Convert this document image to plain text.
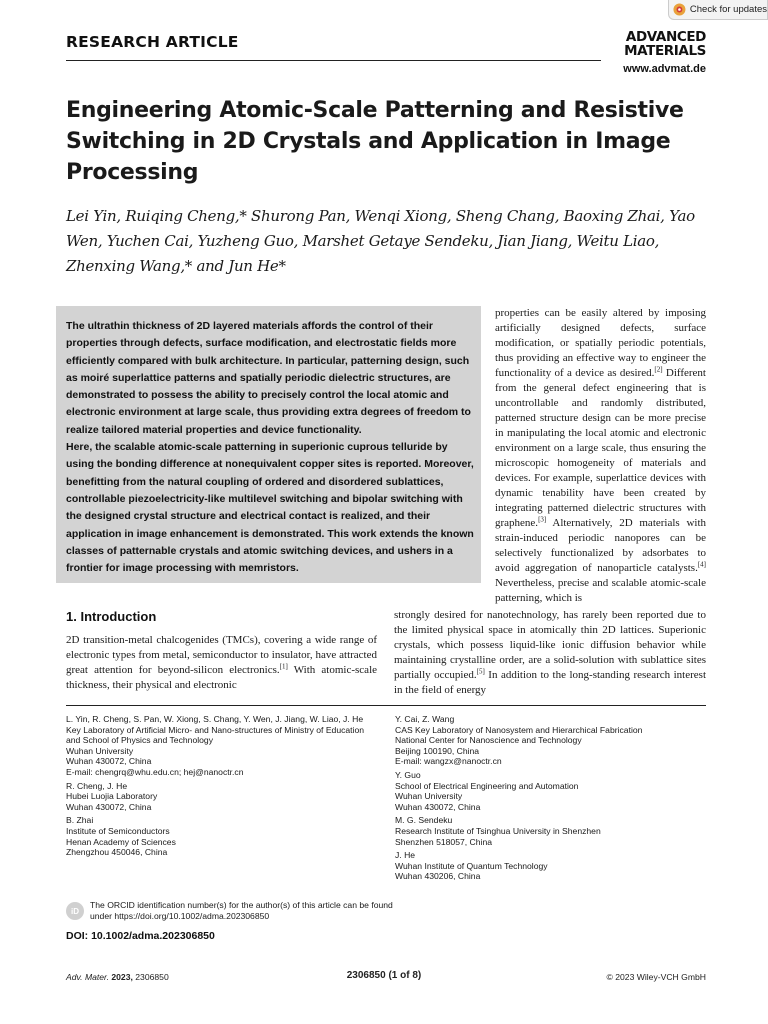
Check for updates
RESEARCH ARTICLE	ADVANCED
MATERIALS
www.advmat.de
Engineering Atomic-Scale Patterning and Resistive Switching in 2D Crystals and Application in Image Processing
Lei Yin, Ruiqing Cheng,* Shurong Pan, Wenqi Xiong, Sheng Chang, Baoxing Zhai, Yao Wen, Yuchen Cai, Yuzheng Guo, Marshet Getaye Sendeku, Jian Jiang, Weitu Liao, Zhenxing Wang,* and Jun He*

The ultrathin thickness of 2D layered materials affords the control of their properties through defects, surface modification, and electrostatic fields more efficiently compared with bulk architecture. In particular, patterning design, such as moiré superlattice patterns and spatially periodic dielectric structures, are demonstrated to possess the ability to precisely control the local atomic and electronic environment at large scale, thus providing extra degrees of freedom to realize tailored material properties and device functionality.

Here, the scalable atomic-scale patterning in superionic cuprous telluride by using the bonding difference at nonequivalent copper sites is reported. Moreover, benefitting from the natural coupling of ordered and disordered sublattices, controllable piezoelectricity-like multilevel switching and bipolar switching with the designed crystal structure and electrical contact is realized, and their application in image enhancement is demonstrated. This work extends the known classes of patternable crystals and atomic switching devices, and ushers in a frontier for image processing with memristors.

properties can be easily altered by imposing artificially designed defects, surface modification, or spatially periodic potentials, thus providing an effective way to engineer the functionality of a device as desired.[2] Different from the general defect engineering that is uncontrollable and randomly distributed, patterned structure design can be more precise in manipulating the local atomic and electronic environment on a large scale, thus ensuring the microscopic homogeneity of materials and devices. For example, superlattice devices with dynamic tenability have been created by integrating patterned dielectric structures with graphene.[3] Alternatively, 2D materials with strain-induced periodic nanopores can be selectively functionalized by adsorbates to avoid aggregation of nanoparticle catalysts.[4] Nevertheless, precise and scalable atomic-scale patterning, which is
strongly desired for nanotechnology, has rarely been reported due to the limited physical space in atomically thin 2D lattices. Superionic crystals, which possess liquid-like ionic diffusion behavior while maintaining crystalline order, are a solid-solution with sublattice sites partially occupied.[5] In addition to the long-standing research interest in the field of energy
1. Introduction
2D transition-metal chalcogenides (TMCs), covering a wide range of electronic types from metal, semiconductor to insulator, have attracted great attention for beyond-silicon electronics.[1] With atomic-scale thickness, their physical and electronic
L. Yin, R. Cheng, S. Pan, W. Xiong, S. Chang, Y. Wen, J. Jiang, W. Liao, J. He
Key Laboratory of Artificial Micro- and Nano-structures of Ministry of Education
and School of Physics and Technology
Wuhan University
Wuhan 430072, China
E-mail: chengrq@whu.edu.cn; hej@nanoctr.cn
R. Cheng, J. He
Hubei Luojia Laboratory
Wuhan 430072, China
B. Zhai
Institute of Semiconductors
Henan Academy of Sciences
Zhengzhou 450046, China
Y. Cai, Z. Wang
CAS Key Laboratory of Nanosystem and Hierarchical Fabrication
National Center for Nanoscience and Technology
Beijing 100190, China
E-mail: wangzx@nanoctr.cn
Y. Guo
School of Electrical Engineering and Automation
Wuhan University
Wuhan 430072, China
M. G. Sendeku
Research Institute of Tsinghua University in Shenzhen
Shenzhen 518057, China
J. He
Wuhan Institute of Quantum Technology
Wuhan 430206, China
iD
The ORCID identification number(s) for the author(s) of this article can be found under https://doi.org/10.1002/adma.202306850
DOI: 10.1002/adma.202306850
Adv. Mater. 2023, 2306850	2306850 (1 of 8)	© 2023 Wiley-VCH GmbH
